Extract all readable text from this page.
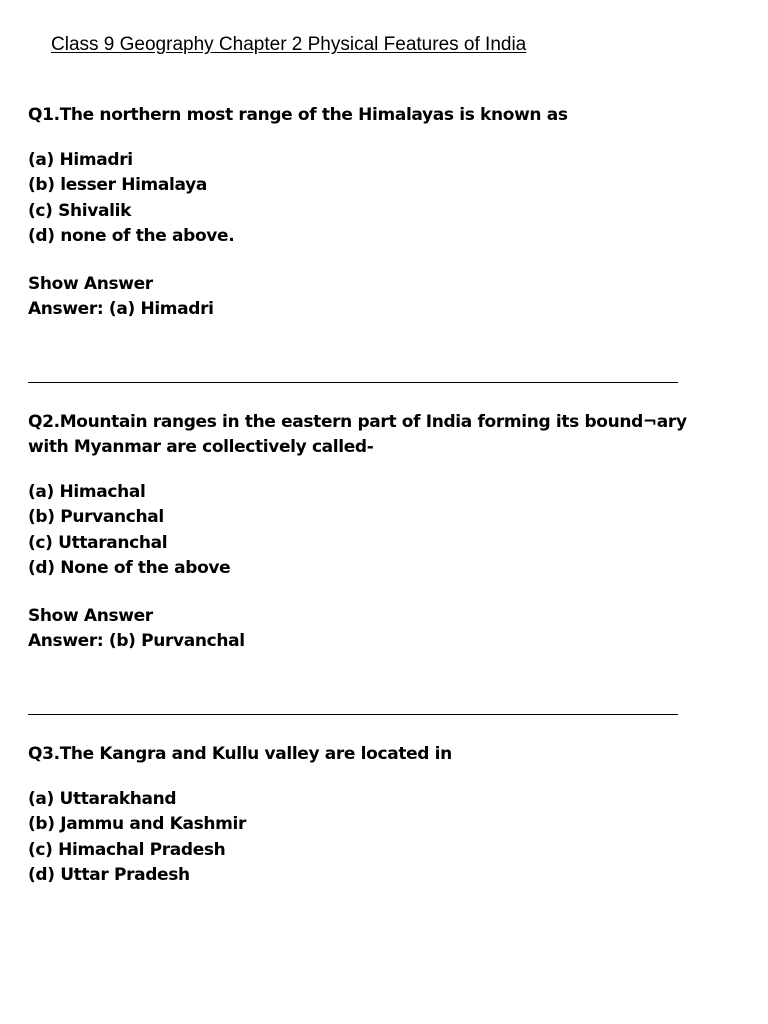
Class 9 Geography Chapter 2 Physical Features of India

Q1.The northern most range of the Himalayas is known as

(a) Himadri
(b) lesser Himalaya
(c) Shivalik
(d) none of the above.
Show Answer

Answer: (a) Himadri

Q2.Mountain ranges in the eastern part of India forming its bound¬ary with Myanmar are collectively called-

(a) Himachal
(b) Purvanchal
(c) Uttaranchal
(d) None of the above
Show Answer

Answer: (b) Purvanchal

Q3.The Kangra and Kullu valley are located in

(a) Uttarakhand
(b) Jammu and Kashmir
(c) Himachal Pradesh
(d) Uttar Pradesh
